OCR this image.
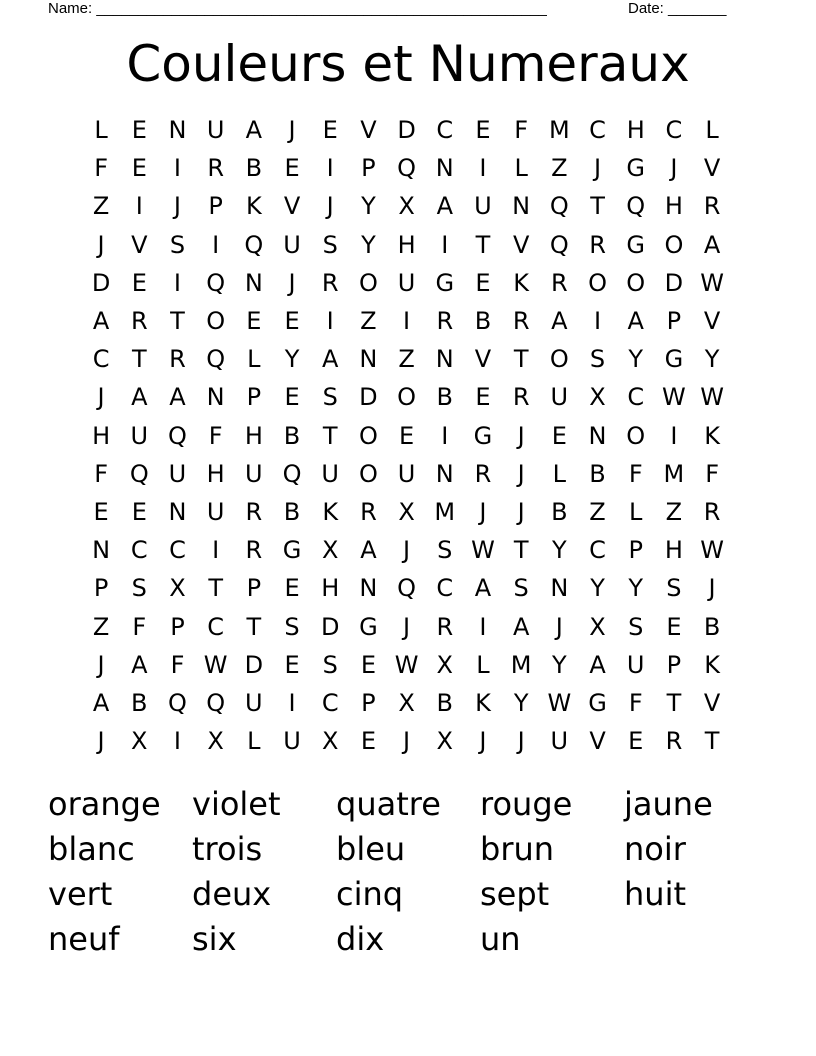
Name: ______________________________________________________	Date: _______
Couleurs et Numeraux
L E N U A	J	E V D C E F M C H C L
F E	I	R B E	I	P Q N	I	L Z	J	G	J	V
Z	I	J	P K V	J	Y X A U N Q T Q H R
J	V S	I	Q U S Y H	I	T V Q R G O A
D E	I	Q N	J	R O U G E K R O O D W
A R T O E E	I	Z	I	R B R A	I	A P V
C T R Q L	Y A N Z N V T O S Y G Y
J	A A N P E S D O B E R U X C W W
H U Q F H B T O E	I	G	J	E N O	I	K
F Q U H U Q U O U N R	J	L B F M F
E E N U R B K R X M	J	J	B Z L Z R
N C C	I	R G X A	J	S W T Y C P H W
P S X T P E H N Q C A S N Y Y S	J
Z F	P C T S D G	J	R	I	A	J	X S E B
J	A F W D E S E W X L M Y A U P K
A B Q Q U	I	C P X B K Y W G F T V
J	X	I	X L U X E	J	X	J	J	U V E R T
orange violet	quatre	rouge	jaune
blanc	trois	bleu	brun	noir
vert	deux	cinq	sept	huit
neuf	six	dix	un
